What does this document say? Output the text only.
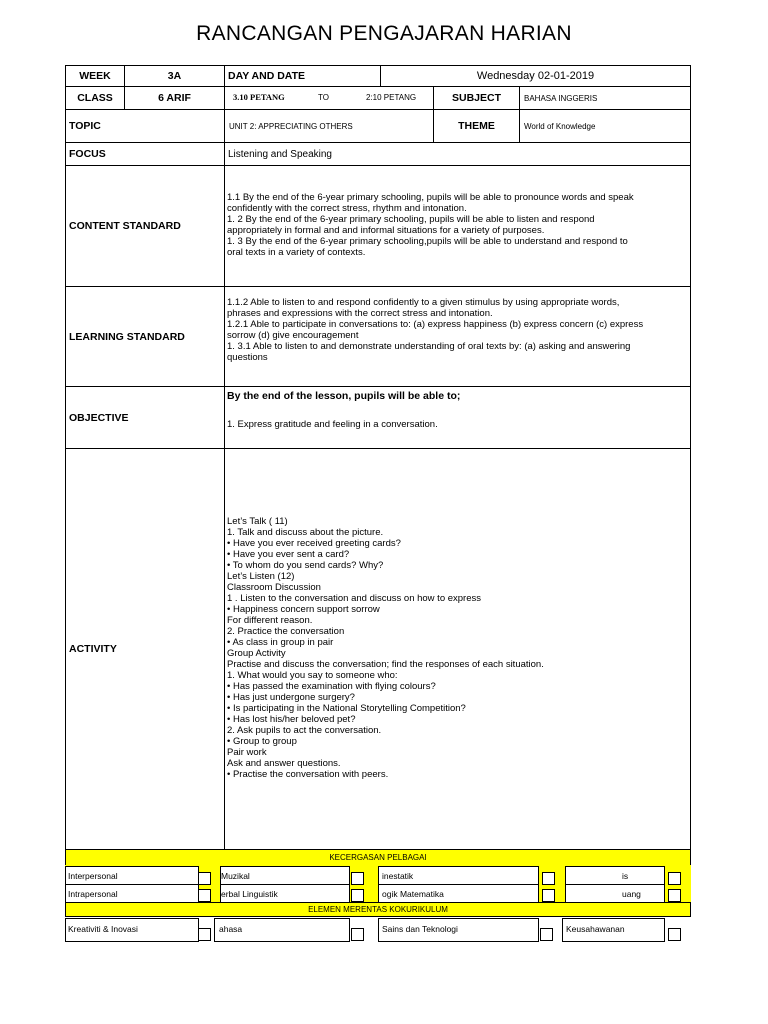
RANCANGAN PENGAJARAN HARIAN
WEEK	3A	DAY AND DATE	Wednesday 02-01-2019
CLASS	6 ARIF	3.10 PETANG	TO	2:10 PETANG	SUBJECT	BAHASA INGGERIS
TOPIC	UNIT 2: APPRECIATING OTHERS	THEME	World of Knowledge
FOCUS	Listening and Speaking
CONTENT STANDARD
1.1 By the end of the 6-year primary schooling, pupils will be able to pronounce words and speak
confidently with the correct stress, rhythm and intonation.
1. 2 By the end of the 6-year primary schooling, pupils will be able to listen and respond
appropriately in formal and and informal situations for a variety of purposes.
1. 3 By the end of the 6-year primary schooling,pupils will be able to understand and respond to
oral texts in a variety of contexts.
LEARNING STANDARD
1.1.2 Able to listen to and respond confidently to a given stimulus by using appropriate words,
phrases and expressions with the correct stress and intonation.
1.2.1 Able to participate in conversations to: (a) express happiness (b) express concern (c) express
sorrow (d) give encouragement
1. 3.1 Able to listen to and demonstrate understanding of oral texts by: (a) asking and answering
questions
OBJECTIVE
By the end of the lesson, pupils will be able to;
1. Express gratitude and feeling in a conversation.
ACTIVITY
Let’s Talk ( 11)
1. Talk and discuss about the picture.
• Have you ever received greeting cards?
• Have you ever sent a card?
• To whom do you send cards? Why?
Let’s Listen (12)
Classroom Discussion
1 . Listen to the conversation and discuss on how to express
• Happiness concern support sorrow
For different reason.
2. Practice the conversation
• As class in group in pair
Group Activity
Practise and discuss the conversation; find the responses of each situation.
1. What would you say to someone who:
• Has passed the examination with flying colours?
• Has just undergone surgery?
• Is participating in the National Storytelling Competition?
• Has lost his/her beloved pet?
2. Ask pupils to act the conversation.
• Group to group
Pair work
Ask and answer questions.
• Practise the conversation with peers.
KECERGASAN PELBAGAI
Interpersonal	Muzikal	inestatik	is
Intrapersonal	erbal Linguistik	ogik Matematika	uang
ELEMEN MERENTAS KOKURIKULUM
Kreativiti & Inovasi	ahasa	Sains dan Teknologi	Keusahawanan
